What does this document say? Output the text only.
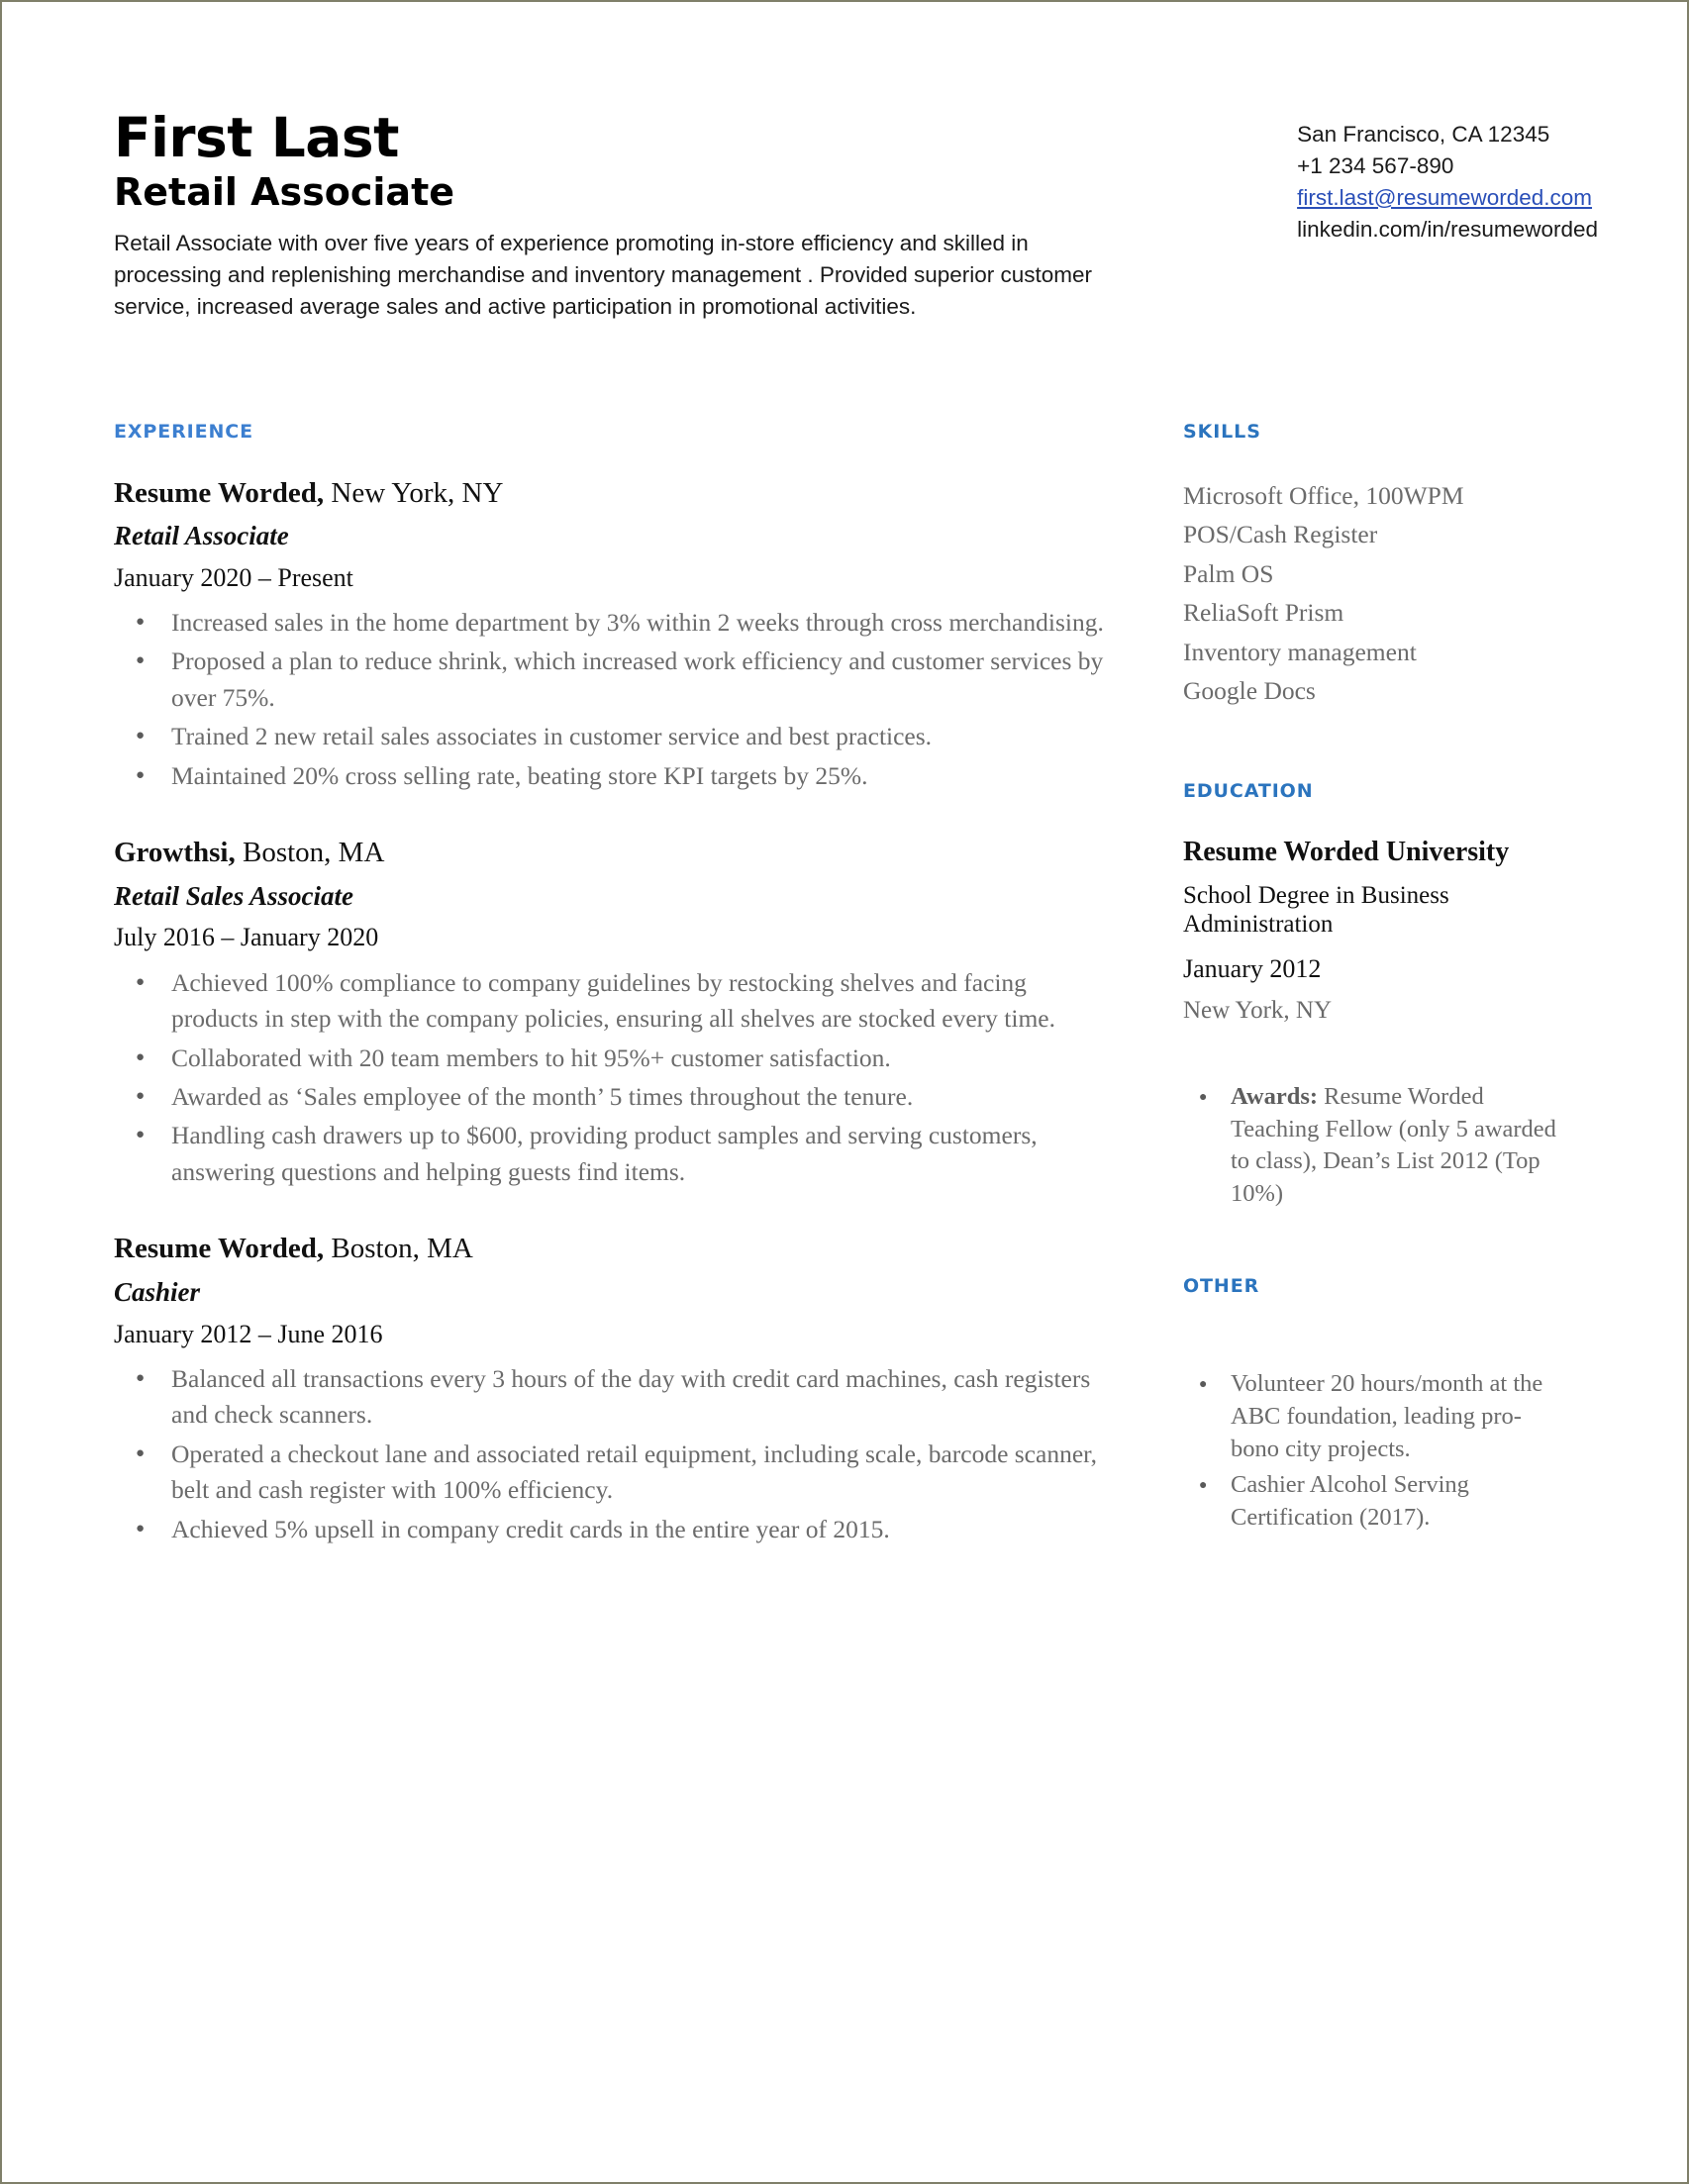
First Last
Retail Associate

Retail Associate with over five years of experience promoting in-store efficiency and skilled in processing and replenishing merchandise and inventory management . Provided superior customer service, increased average sales and active participation in promotional activities.

San Francisco, CA 12345
+1 234 567-890
first.last@resumeworded.com
linkedin.com/in/resumeworded
EXPERIENCE
Resume Worded, New York, NY
Retail Associate
January 2020 – Present
● Increased sales in the home department by 3% within 2 weeks through cross merchandising.
● Proposed a plan to reduce shrink, which increased work efficiency and customer services by over 75%.
● Trained 2 new retail sales associates in customer service and best practices.
● Maintained 20% cross selling rate, beating store KPI targets by 25%.
Growthsi, Boston, MA
Retail Sales Associate
July 2016 – January 2020
● Achieved 100% compliance to company guidelines by restocking shelves and facing products in step with the company policies, ensuring all shelves are stocked every time.
● Collaborated with 20 team members to hit 95%+ customer satisfaction.
● Awarded as ‘Sales employee of the month’ 5 times throughout the tenure.
● Handling cash drawers up to $600, providing product samples and serving customers, answering questions and helping guests find items.
Resume Worded, Boston, MA
Cashier
January 2012 – June 2016
● Balanced all transactions every 3 hours of the day with credit card machines, cash registers and check scanners.
● Operated a checkout lane and associated retail equipment, including scale, barcode scanner, belt and cash register with 100% efficiency.
● Achieved 5% upsell in company credit cards in the entire year of 2015.
SKILLS
Microsoft Office, 100WPM
POS/Cash Register
Palm OS
ReliaSoft Prism
Inventory management
Google Docs
EDUCATION
Resume Worded University
School Degree in Business Administration
January 2012
New York, NY
● Awards: Resume Worded Teaching Fellow (only 5 awarded to class), Dean’s List 2012 (Top 10%)
OTHER
● Volunteer 20 hours/month at the ABC foundation, leading pro-bono city projects.
● Cashier Alcohol Serving Certification (2017).
